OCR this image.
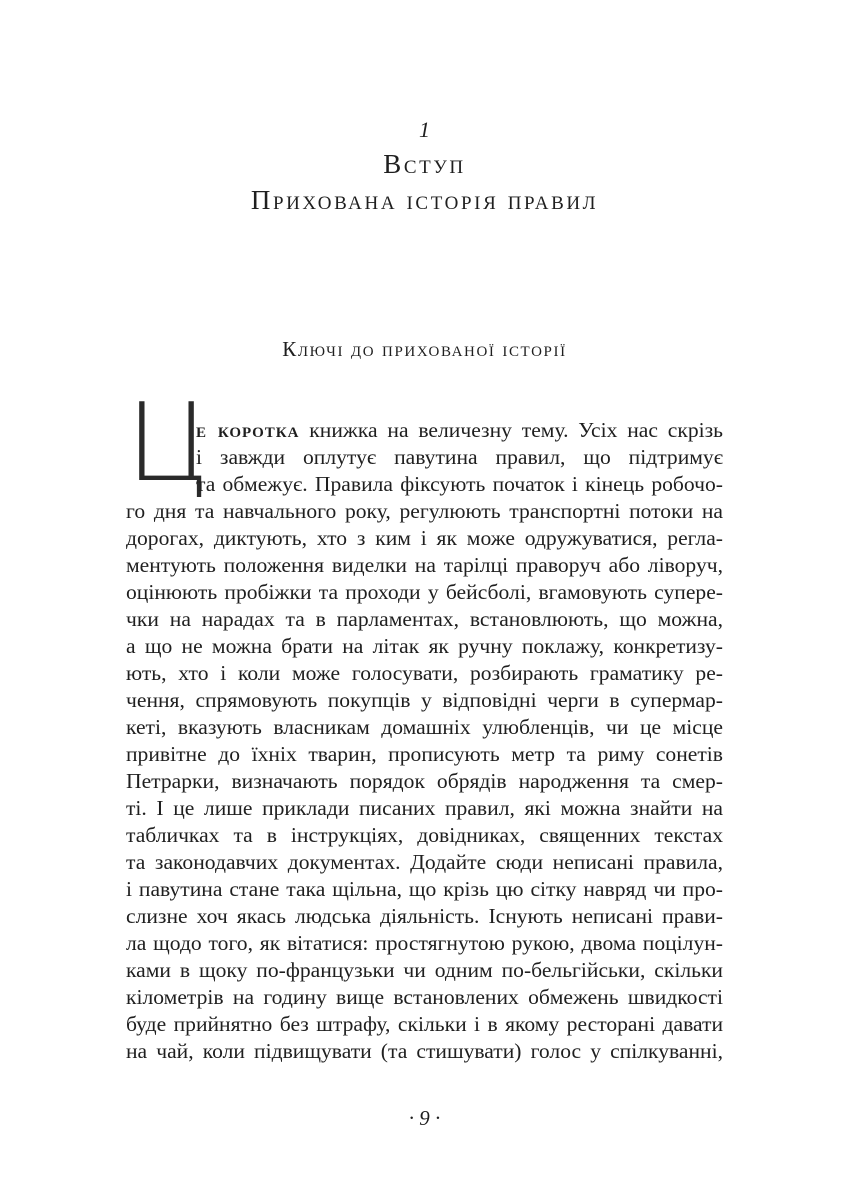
1
Вступ
Прихована історія правил
Ключі до прихованої історії
Ц
е коротка книжка на величезну тему. Усіх нас скрізь
і завжди оплутує павутина правил, що підтримує
та обмежує. Правила фіксують початок і кінець робочо-
го дня та навчального року, регулюють транспортні потоки на
дорогах, диктують, хто з ким і як може одружуватися, регла-
ментують положення виделки на тарілці праворуч або ліворуч,
оцінюють пробіжки та проходи у бейсболі, вгамовують супере-
чки на нарадах та в парламентах, встановлюють, що можна,
а що не можна брати на літак як ручну поклажу, конкретизу-
ють, хто і коли може голосувати, розбирають граматику ре-
чення, спрямовують покупців у відповідні черги в супермар-
кеті, вказують власникам домашніх улюбленців, чи це місце
привітне до їхніх тварин, прописують метр та риму сонетів
Петрарки, визначають порядок обрядів народження та смер-
ті. І це лише приклади писаних правил, які можна знайти на
табличках та в інструкціях, довідниках, священних текстах
та законодавчих документах. Додайте сюди неписані правила,
і павутина стане така щільна, що крізь цю сітку навряд чи про-
слизне хоч якась людська діяльність. Існують неписані прави-
ла щодо того, як вітатися: простягнутою рукою, двома поцілун-
ками в щоку по-французьки чи одним по-бельгійськи, скільки
кілометрів на годину вище встановлених обмежень швидкості
буде прийнятно без штрафу, скільки і в якому ресторані давати
на чай, коли підвищувати (та стишувати) голос у спілкуванні,
· 9 ·
